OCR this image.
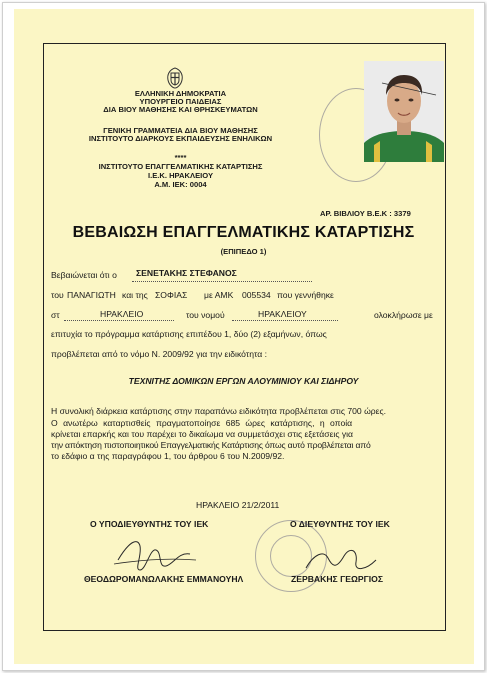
ΕΛΛΗΝΙΚΗ ΔΗΜΟΚΡΑΤΙΑ
ΥΠΟΥΡΓΕΙΟ ΠΑΙΔΕΙΑΣ
ΔΙΑ ΒΙΟΥ ΜΑΘΗΣΗΣ ΚΑΙ ΘΡΗΣΚΕΥΜΑΤΩΝ
ΓΕΝΙΚΗ ΓΡΑΜΜΑΤΕΙΑ ΔΙΑ ΒΙΟΥ ΜΑΘΗΣΗΣ
ΙΝΣΤΙΤΟΥΤΟ ΔΙΑΡΚΟΥΣ ΕΚΠΑΙΔΕΥΣΗΣ ΕΝΗΛΙΚΩΝ
****
ΙΝΣΤΙΤΟΥΤΟ ΕΠΑΓΓΕΛΜΑΤΙΚΗΣ ΚΑΤΑΡΤΙΣΗΣ
Ι.Ε.Κ. ΗΡΑΚΛΕΙΟΥ
Α.Μ. ΙΕΚ: 0004
ΑΡ. ΒΙΒΛΙΟΥ Β.Ε.Κ : 3379
ΒΕΒΑΙΩΣΗ ΕΠΑΓΓΕΛΜΑΤΙΚΗΣ ΚΑΤΑΡΤΙΣΗΣ
(ΕΠΙΠΕΔΟ 1)
Βεβαιώνεται ότι ο ΣΕΝΕΤΑΚΗΣ ΣΤΕΦΑΝΟΣ
του ΠΑΝΑΓΙΩΤΗ και της ΣΟΦΙΑΣ με ΑΜΚ 005534 που γεννήθηκε
στ	ΗΡΑΚΛΕΙΟ	του νομού	ΗΡΑΚΛΕΙΟΥ	ολοκλήρωσε με
επιτυχία το πρόγραμμα κατάρτισης επιπέδου 1, δύο (2) εξαμήνων, όπως
προβλέπεται από το νόμο Ν. 2009/92 για την ειδικότητα :
ΤΕΧΝΙΤΗΣ ΔΟΜΙΚΩΝ ΕΡΓΩΝ ΑΛΟΥΜΙΝΙΟΥ ΚΑΙ ΣΙΔΗΡΟΥ
Η συνολική διάρκεια κατάρτισης στην παραπάνω ειδικότητα προβλέπεται στις 700 ώρες.
Ο ανωτέρω καταρτισθείς πραγματοποίησε 685 ώρες κατάρτισης, η οποία
κρίνεται επαρκής και του παρέχει το δικαίωμα να συμμετάσχει στις εξετάσεις για
την απόκτηση πιστοποιητικού Επαγγελματικής Κατάρτισης όπως αυτό προβλέπεται από
το εδάφιο α της παραγράφου 1, του άρθρου 6 του Ν.2009/92.
ΗΡΑΚΛΕΙΟ 21/2/2011
Ο ΥΠΟΔΙΕΥΘΥΝΤΗΣ ΤΟΥ ΙΕΚ	Ο ΔΙΕΥΘΥΝΤΗΣ ΤΟΥ ΙΕΚ
ΘΕΟΔΩΡΟΜΑΝΩΛΑΚΗΣ ΕΜΜΑΝΟΥΗΛ	ΖΕΡΒΑΚΗΣ ΓΕΩΡΓΙΟΣ
